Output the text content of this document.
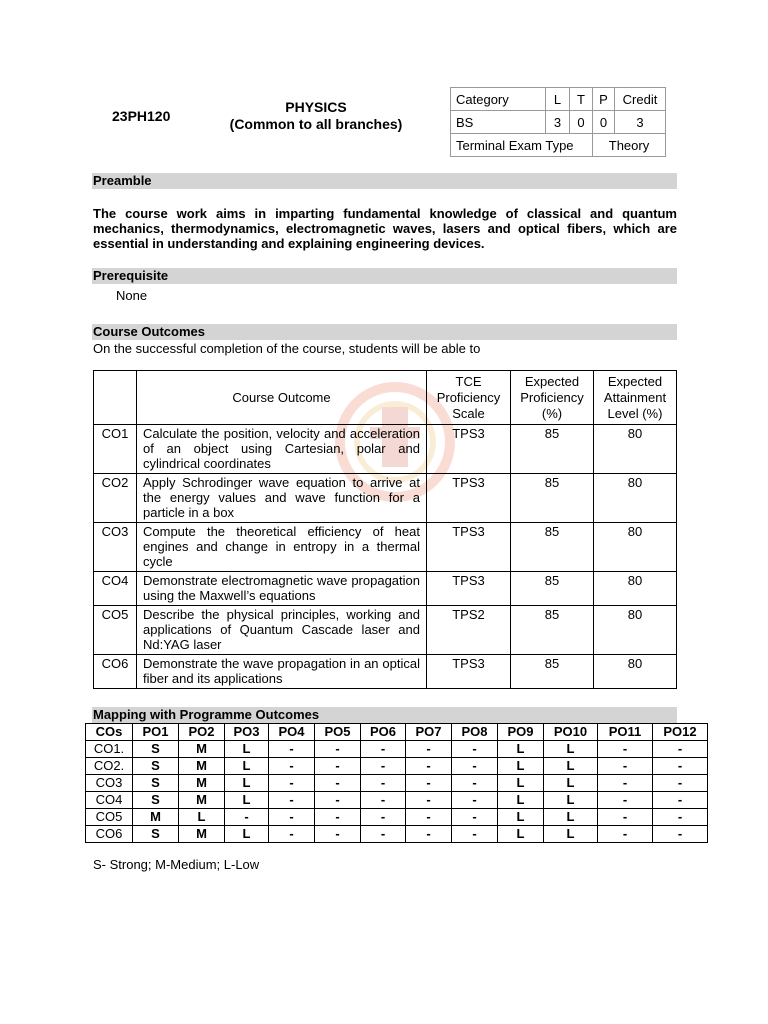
23PH120
PHYSICS
(Common to all branches)
Category	L	T	P	Credit
BS	3	0	0	3
Terminal Exam Type			Theory	
Preamble
The course work aims in imparting fundamental knowledge of classical and quantum mechanics, thermodynamics, electromagnetic waves, lasers and optical fibers, which are essential in understanding and explaining engineering devices.
Prerequisite
None
Course Outcomes
On the successful completion of the course, students will be able to
	Course Outcome	TCE Proficiency Scale	Expected Proficiency (%)	Expected Attainment Level (%)
CO1	Calculate the position, velocity and acceleration of an object using Cartesian, polar and cylindrical coordinates	TPS3	85	80
CO2	Apply Schrodinger wave equation to arrive at the energy values and wave function for a particle in a box	TPS3	85	80
CO3	Compute the theoretical efficiency of heat engines and change in entropy in a thermal cycle	TPS3	85	80
CO4	Demonstrate electromagnetic wave propagation using the Maxwell’s equations	TPS3	85	80
CO5	Describe the physical principles, working and applications of Quantum Cascade laser and Nd:YAG laser	TPS2	85	80
CO6	Demonstrate the wave propagation in an optical fiber and its applications	TPS3	85	80
Mapping with Programme Outcomes
COs	PO1	PO2	PO3	PO4	PO5	PO6	PO7	PO8	PO9	PO10	PO11	PO12
CO1.	S	M	L	-	-	-	-	-	L	L	-	-
CO2.	S	M	L	-	-	-	-	-	L	L	-	-
CO3	S	M	L	-	-	-	-	-	L	L	-	-
CO4	S	M	L	-	-	-	-	-	L	L	-	-
CO5	M	L	-	-	-	-	-	-	L	L	-	-
CO6	S	M	L	-	-	-	-	-	L	L	-	-
S- Strong; M-Medium; L-Low
